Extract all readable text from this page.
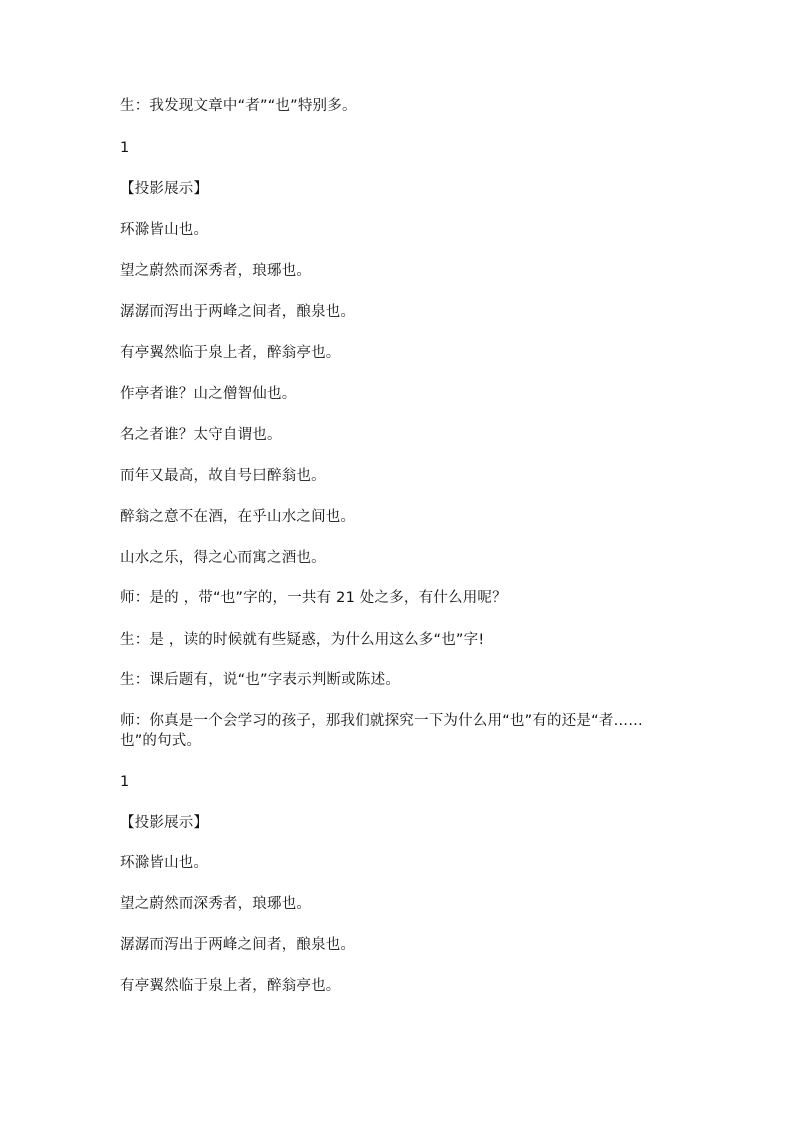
生：我发现文章中“者”“也”特别多。

1

【投影展示】

环滁皆山也。

望之蔚然而深秀者，琅琊也。

潺潺而泻出于两峰之间者，酿泉也。

有亭翼然临于泉上者，醉翁亭也。

作亭者谁？山之僧智仙也。

名之者谁？太守自谓也。

而年又最高，故自号曰醉翁也。

醉翁之意不在酒，在乎山水之间也。

山水之乐，得之心而寓之酒也。

师：是的 ，带“也”字的，一共有 21 处之多，有什么用呢？

生：是 ，读的时候就有些疑惑，为什么用这么多“也”字!

生：课后题有，说“也”字表示判断或陈述。

师：你真是一个会学习的孩子，那我们就探究一下为什么用“也”有的还是“者……也”的句式。

1

【投影展示】

环滁皆山也。

望之蔚然而深秀者，琅琊也。

潺潺而泻出于两峰之间者，酿泉也。

有亭翼然临于泉上者，醉翁亭也。
